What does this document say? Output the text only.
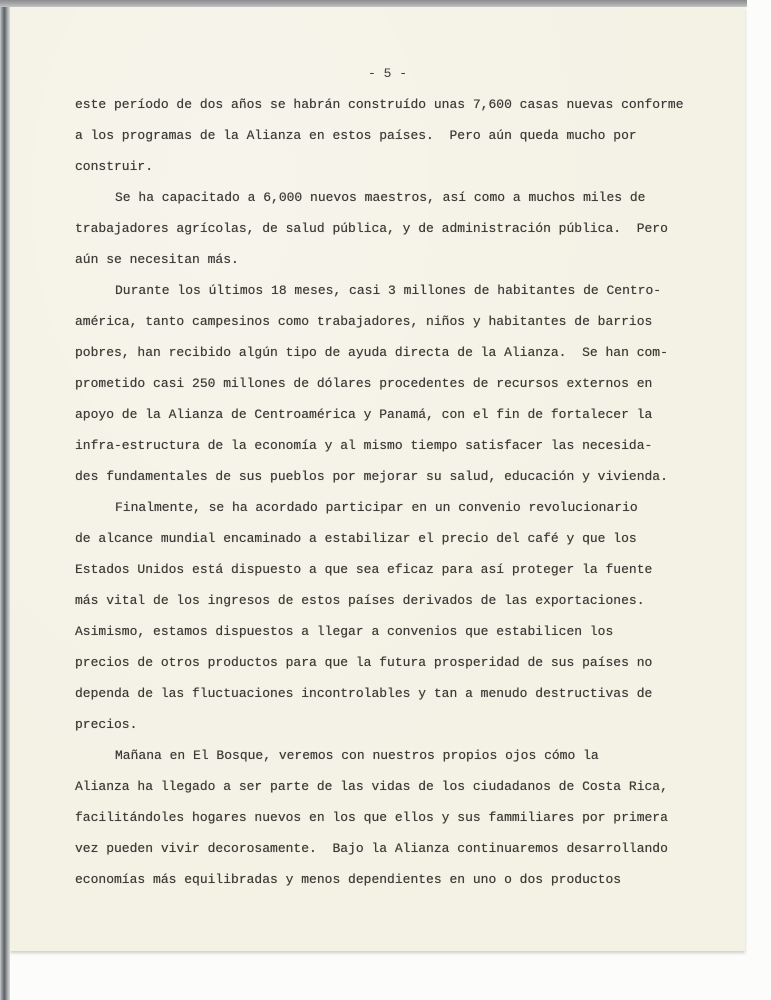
- 5 -
este período de dos años se habrán construído unas 7,600 casas nuevas conforme
a los programas de la Alianza en estos países.  Pero aún queda mucho por
construir.
Se ha capacitado a 6,000 nuevos maestros, así como a muchos miles de
trabajadores agrícolas, de salud pública, y de administración pública.  Pero
aún se necesitan más.
Durante los últimos 18 meses, casi 3 millones de habitantes de Centro-
américa, tanto campesinos como trabajadores, niños y habitantes de barrios
pobres, han recibido algún tipo de ayuda directa de la Alianza.  Se han com-
prometido casi 250 millones de dólares procedentes de recursos externos en
apoyo de la Alianza de Centroamérica y Panamá, con el fin de fortalecer la
infra-estructura de la economía y al mismo tiempo satisfacer las necesida-
des fundamentales de sus pueblos por mejorar su salud, educación y vivienda.
Finalmente, se ha acordado participar en un convenio revolucionario
de alcance mundial encaminado a estabilizar el precio del café y que los
Estados Unidos está dispuesto a que sea eficaz para así proteger la fuente
más vital de los ingresos de estos países derivados de las exportaciones.
Asimismo, estamos dispuestos a llegar a convenios que estabilicen los
precios de otros productos para que la futura prosperidad de sus países no
dependa de las fluctuaciones incontrolables y tan a menudo destructivas de
precios.
Mañana en El Bosque, veremos con nuestros propios ojos cómo la
Alianza ha llegado a ser parte de las vidas de los ciudadanos de Costa Rica,
facilitándoles hogares nuevos en los que ellos y sus fammiliares por primera
vez pueden vivir decorosamente.  Bajo la Alianza continuaremos desarrollando
economías más equilibradas y menos dependientes en uno o dos productos
